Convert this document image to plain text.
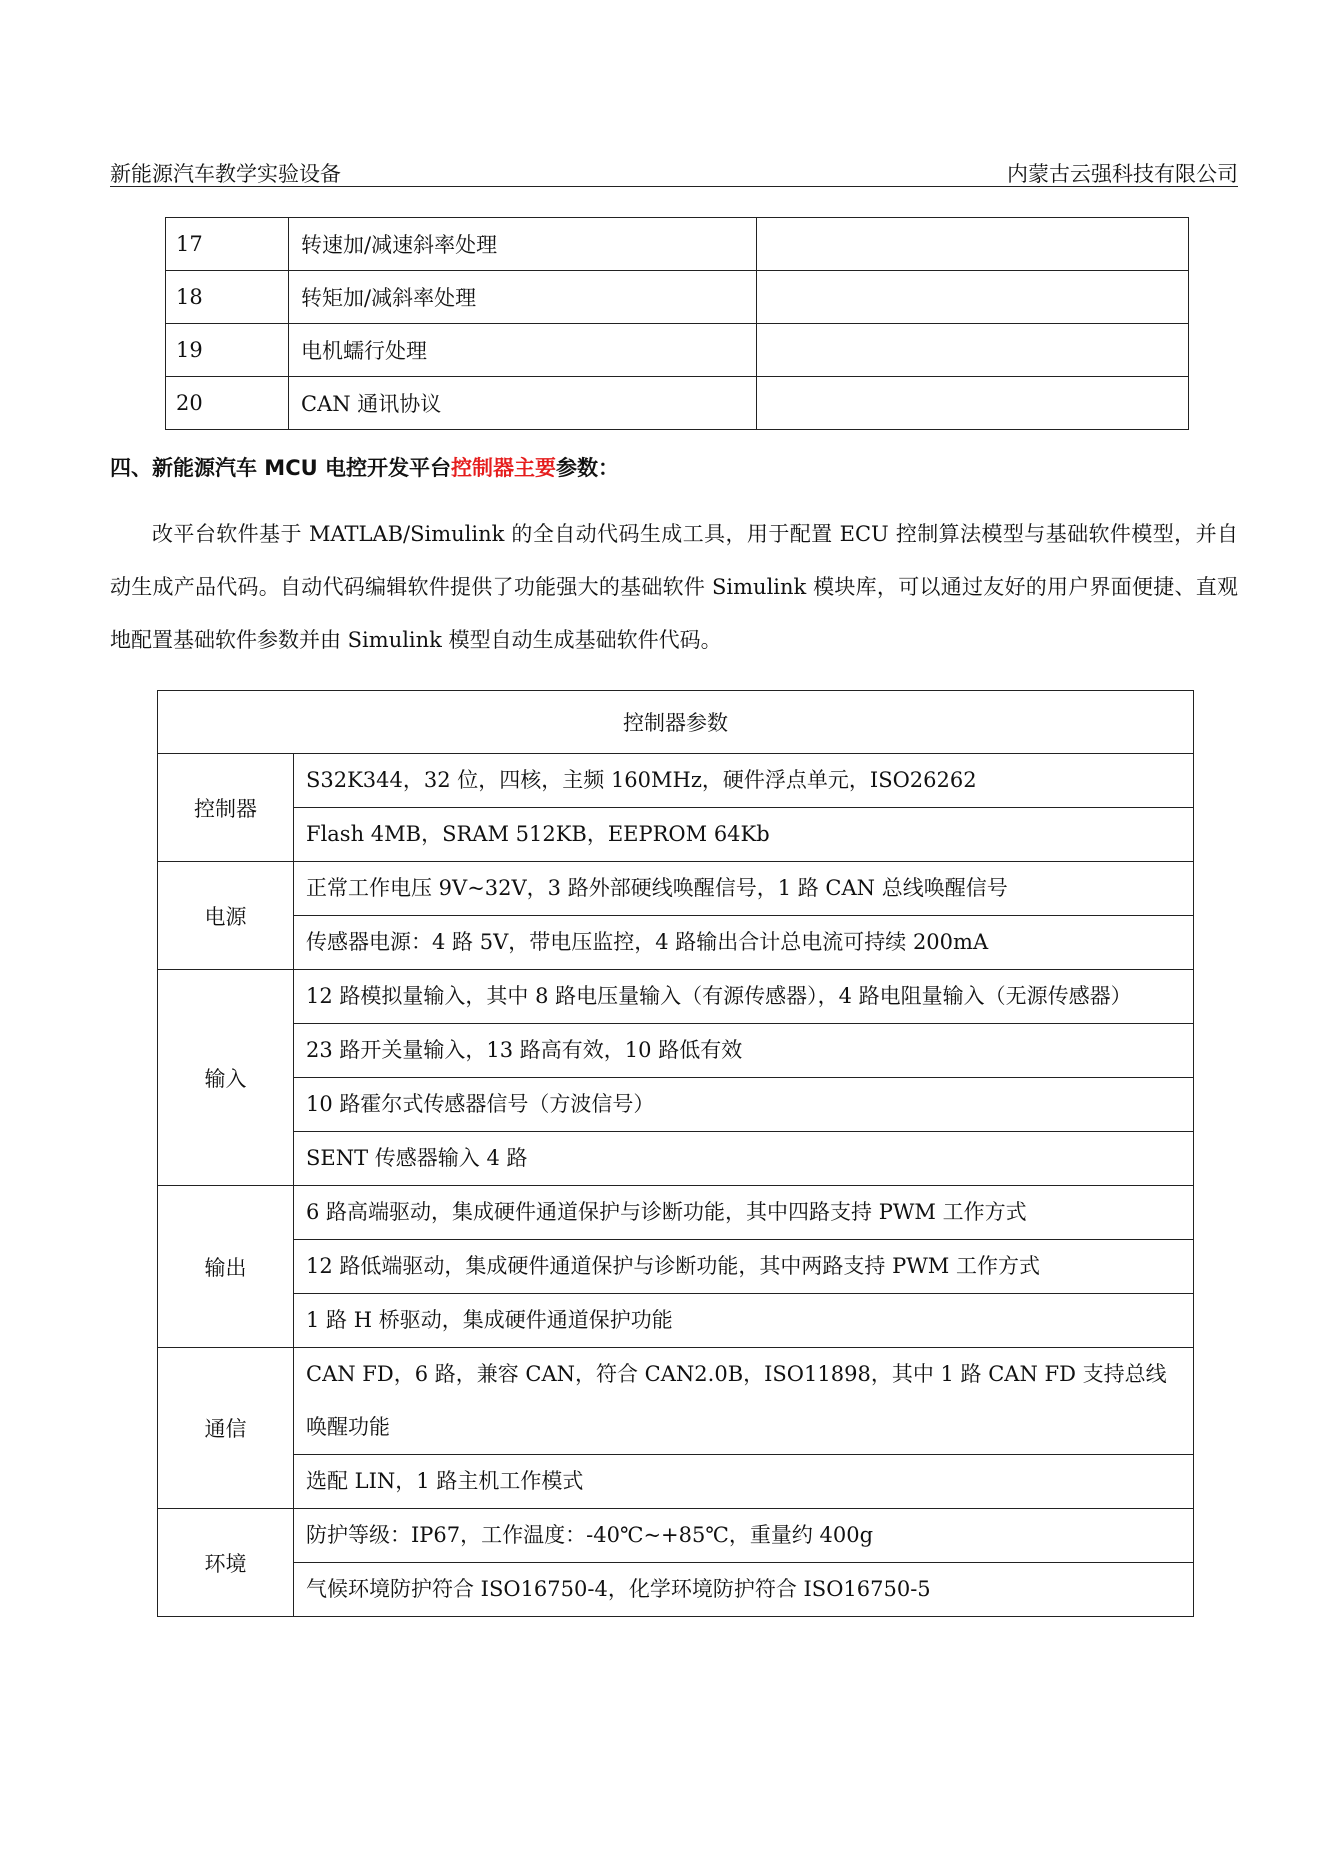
新能源汽车教学实验设备	内蒙古云强科技有限公司
17	转速加/减速斜率处理	
18	转矩加/减斜率处理	
19	电机蠕行处理	
20	CAN 通讯协议	
四、新能源汽车 MCU 电控开发平台控制器主要参数：
改平台软件基于 MATLAB/Simulink 的全自动代码生成工具，用于配置 ECU 控制算法模型与基础软件模型，并自动生成产品代码。自动代码编辑软件提供了功能强大的基础软件 Simulink 模块库，可以通过友好的用户界面便捷、直观地配置基础软件参数并由 Simulink 模型自动生成基础软件代码。
控制器参数	
控制器	S32K344，32 位，四核，主频 160MHz，硬件浮点单元，ISO26262
	Flash 4MB，SRAM 512KB，EEPROM 64Kb
电源	正常工作电压 9V~32V，3 路外部硬线唤醒信号，1 路 CAN 总线唤醒信号
	传感器电源：4 路 5V，带电压监控，4 路输出合计总电流可持续 200mA
输入	12 路模拟量输入，其中 8 路电压量输入（有源传感器），4 路电阻量输入（无源传感器）
	23 路开关量输入，13 路高有效，10 路低有效
	10 路霍尔式传感器信号（方波信号）
	SENT 传感器输入 4 路
输出	6 路高端驱动，集成硬件通道保护与诊断功能，其中四路支持 PWM 工作方式
	12 路低端驱动，集成硬件通道保护与诊断功能，其中两路支持 PWM 工作方式
	1 路 H 桥驱动，集成硬件通道保护功能
通信	CAN FD，6 路，兼容 CAN，符合 CAN2.0B，ISO11898，其中 1 路 CAN FD 支持总线唤醒功能
	选配 LIN，1 路主机工作模式
环境	防护等级：IP67，工作温度：-40℃~+85℃，重量约 400g
	气候环境防护符合 ISO16750-4，化学环境防护符合 ISO16750-5
